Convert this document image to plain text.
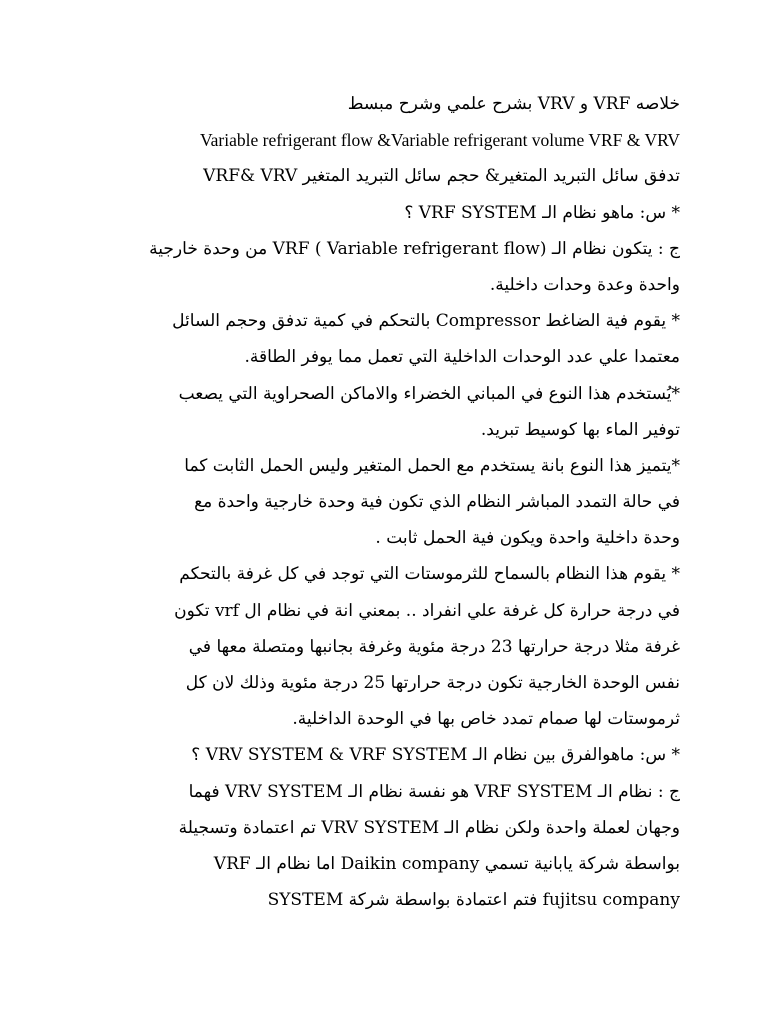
خلاصه VRF و VRV بشرح علمي وشرح مبسط
Variable refrigerant flow &Variable refrigerant volume VRF & VRV
تدفق سائل التبريد المتغير& حجم سائل التبريد المتغير VRF& VRV
* س: ماهو نظام الـ VRF SYSTEM ؟
ج : يتكون نظام الـ VRF ( Variable refrigerant flow) من وحدة خارجية
واحدة وعدة وحدات داخلية.
* يقوم فية الضاغط Compressor بالتحكم في كمية تدفق وحجم السائل
معتمدا علي عدد الوحدات الداخلية التي تعمل مما يوفر الطاقة.
*يُستخدم هذا النوع في المباني الخضراء والاماكن الصحراوية التي يصعب
توفير الماء بها كوسيط تبريد.
*يتميز هذا النوع بانة يستخدم مع الحمل المتغير وليس الحمل الثابت كما
في حالة التمدد المباشر النظام الذي تكون فية وحدة خارجية واحدة مع
وحدة داخلية واحدة ويكون فية الحمل ثابت .
* يقوم هذا النظام بالسماح للثرموستات التي توجد في كل غرفة بالتحكم
في درجة حرارة كل غرفة علي انفراد .. بمعني انة في نظام ال vrf تكون
غرفة مثلا درجة حرارتها 23 درجة مئوية وغرفة بجانبها ومتصلة معها في
نفس الوحدة الخارجية تكون درجة حرارتها 25 درجة مئوية وذلك لان كل
ثرموستات لها صمام تمدد خاص بها في الوحدة الداخلية.
* س: ماهوالفرق بين نظام الـ VRV SYSTEM & VRF SYSTEM ؟
ج : نظام الـ VRF SYSTEM هو نفسة نظام الـ VRV SYSTEM فهما
وجهان لعملة واحدة ولكن نظام الـ VRV SYSTEM تم اعتمادة وتسجيلة
بواسطة شركة يابانية تسمي Daikin company اما نظام الـ VRF
SYSTEM فتم اعتمادة بواسطة شركة fujitsu company
